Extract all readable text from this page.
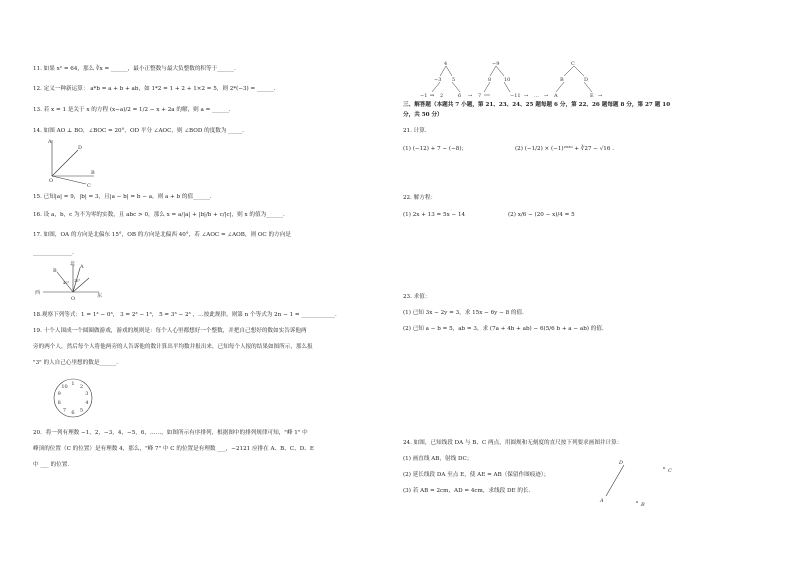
11. 如果 x² = 64，那么 ∛x = ______，最小正整数与最大负整数的积等于______.
12. 定义一种新运算： a*b = a + b + ab，如 1*2 = 1 + 2 + 1×2 = 5，则 2*(−3) = ______.
13. 若 x = 1 是关于 x 的方程 (x−a)/2 = 1/2 − x + 2a 的解，则 a = ______.
14. 如图 AO ⊥ BO，∠BOC = 20°，OD 平分 ∠AOC，则 ∠BOD 的度数为 _____.
D
A
C
B
O
15. 已知|a| = 9，|b| = 3，且|a − b| = b − a，则 a + b 的值______.
16. 设 a，b，c 为不为零的实数，且 abc > 0，那么 x = a/|a| + |b|/b + c/|c|，则 x 的值为______.
17. 如图，OA 的方向是北偏东 15°，OB 的方向是北偏西 40°，若 ∠AOC = ∠AOB，则 OC 的方向是
______________.
北 A
B
15°
40°
西	东
O
18.观察下列等式：1 = 1³ − 0³， 3 = 2³ − 1³， 5 = 3³ − 2³ ，…按此规律，则第 n 个等式为 2n − 1 = ____________.
19. 十个人围成一个圆圈做游戏，游戏的规则是：每个人心里都想好一个整数，并把自己想好的数如实告诉他两
旁的两个人，然后每个人将他两旁的人告诉他的数计算出平均数并报出来，已知每个人报的结果如图所示，那么报
"3" 的人自己心里想的数是______.
10 1 2
3
4
5
6
7
8
9
20．将一列有理数 −1，2，−3，4，−5，6，……，如图所示有序排列，根据图中的排列规律可知，"峰 1" 中
峰顶的位置（C 的位置）是有理数 4，那么，"峰 7" 中 C 的位置是有理数 ___，−2121 应排在 A、B、C、D、E
中 ___ 的位置.
4	−9	C
−3 5	8	10	B	D
−1 → 2	6 → 7	−11 → … → A	E →
三、解答题（本题共 7 小题，第 21、23、24、25 题每题 6 分，第 22、26 题每题 8 分，第 27 题 10
分，共 50 分）
21. 计算.
(1) (−12) + 7 − (−8)；	(2) (−1/2) × (−1)²⁰²⁰ + ∛27 − √16 .
22. 解方程：
(1) 2x + 13 = 5x − 14	(2) x/6 − (20 − x)/4 = 5
23. 求值：
(1) 已知 3x − 2y = 3，求 15x − 6y − 8 的值.
(2) 已知 a − b = 5，ab = 3，求 (7a + 4b + ab) − 6(5/6 b + a − ab) 的值.
24. 如图，已知线段 DA 与 B、C 两点，用圆规和无刻度的直尺按下列要求画图并计算：
(1) 画直线 AB，射线 DC；
(2) 延长线段 DA 至点 E，使 AE = AB（保留作图痕迹）；
(3) 若 AB = 2cm，AD = 4cm，求线段 DE 的长.
D
A
C
B
